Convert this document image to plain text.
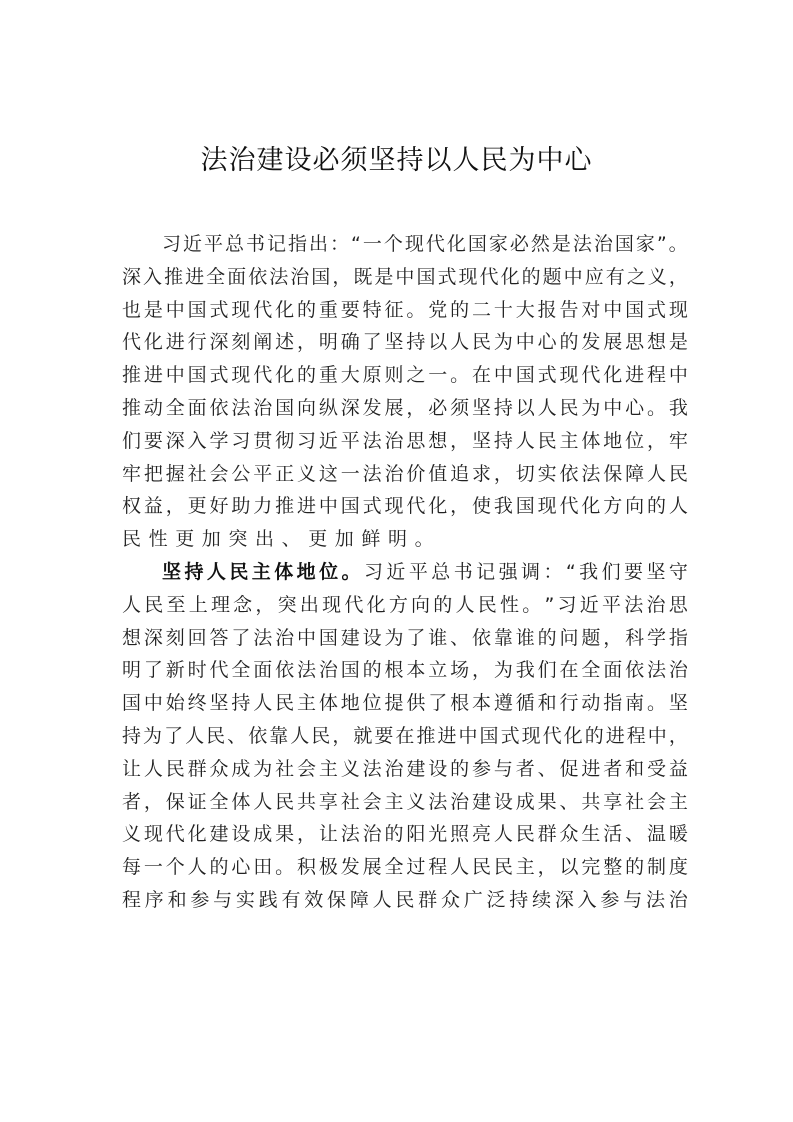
法治建设必须坚持以人民为中心
习 近 平 总 书 记 指 出 ： “ 一 个 现 代 化 国 家 必 然 是 法 治 国 家 ” 。
深 入 推 进 全 面 依 法 治 国 ， 既 是 中 国 式 现 代 化 的 题 中 应 有 之 义 ，
也 是 中 国 式 现 代 化 的 重 要 特 征 。 党 的 二 十 大 报 告 对 中 国 式 现
代 化 进 行 深 刻 阐 述 ， 明 确 了 坚 持 以 人 民 为 中 心 的 发 展 思 想 是
推 进 中 国 式 现 代 化 的 重 大 原 则 之 一 。 在 中 国 式 现 代 化 进 程 中
推 动 全 面 依 法 治 国 向 纵 深 发 展 ， 必 须 坚 持 以 人 民 为 中 心 。 我
们 要 深 入 学 习 贯 彻 习 近 平 法 治 思 想 ， 坚 持 人 民 主 体 地 位 ， 牢
牢 把 握 社 会 公 平 正 义 这 一 法 治 价 值 追 求 ， 切 实 依 法 保 障 人 民
权 益 ， 更 好 助 力 推 进 中 国 式 现 代 化 ， 使 我 国 现 代 化 方 向 的 人
民性更加突出、更加鲜明。
坚 持 人 民 主 体 地 位 。 习 近 平 总 书 记 强 调 ： “ 我 们 要 坚 守
人 民 至 上 理 念 ， 突 出 现 代 化 方 向 的 人 民 性 。 ” 习 近 平 法 治 思
想 深 刻 回 答 了 法 治 中 国 建 设 为 了 谁 、 依 靠 谁 的 问 题 ， 科 学 指
明 了 新 时 代 全 面 依 法 治 国 的 根 本 立 场 ， 为 我 们 在 全 面 依 法 治
国 中 始 终 坚 持 人 民 主 体 地 位 提 供 了 根 本 遵 循 和 行 动 指 南 。 坚
持 为 了 人 民 、 依 靠 人 民 ， 就 要 在 推 进 中 国 式 现 代 化 的 进 程 中 ，
让 人 民 群 众 成 为 社 会 主 义 法 治 建 设 的 参 与 者 、 促 进 者 和 受 益
者 ， 保 证 全 体 人 民 共 享 社 会 主 义 法 治 建 设 成 果 、 共 享 社 会 主
义 现 代 化 建 设 成 果 ， 让 法 治 的 阳 光 照 亮 人 民 群 众 生 活 、 温 暖
每 一 个 人 的 心 田 。 积 极 发 展 全 过 程 人 民 民 主 ， 以 完 整 的 制 度
程 序 和 参 与 实 践 有 效 保 障 人 民 群 众 广 泛 持 续 深 入 参 与 法 治
